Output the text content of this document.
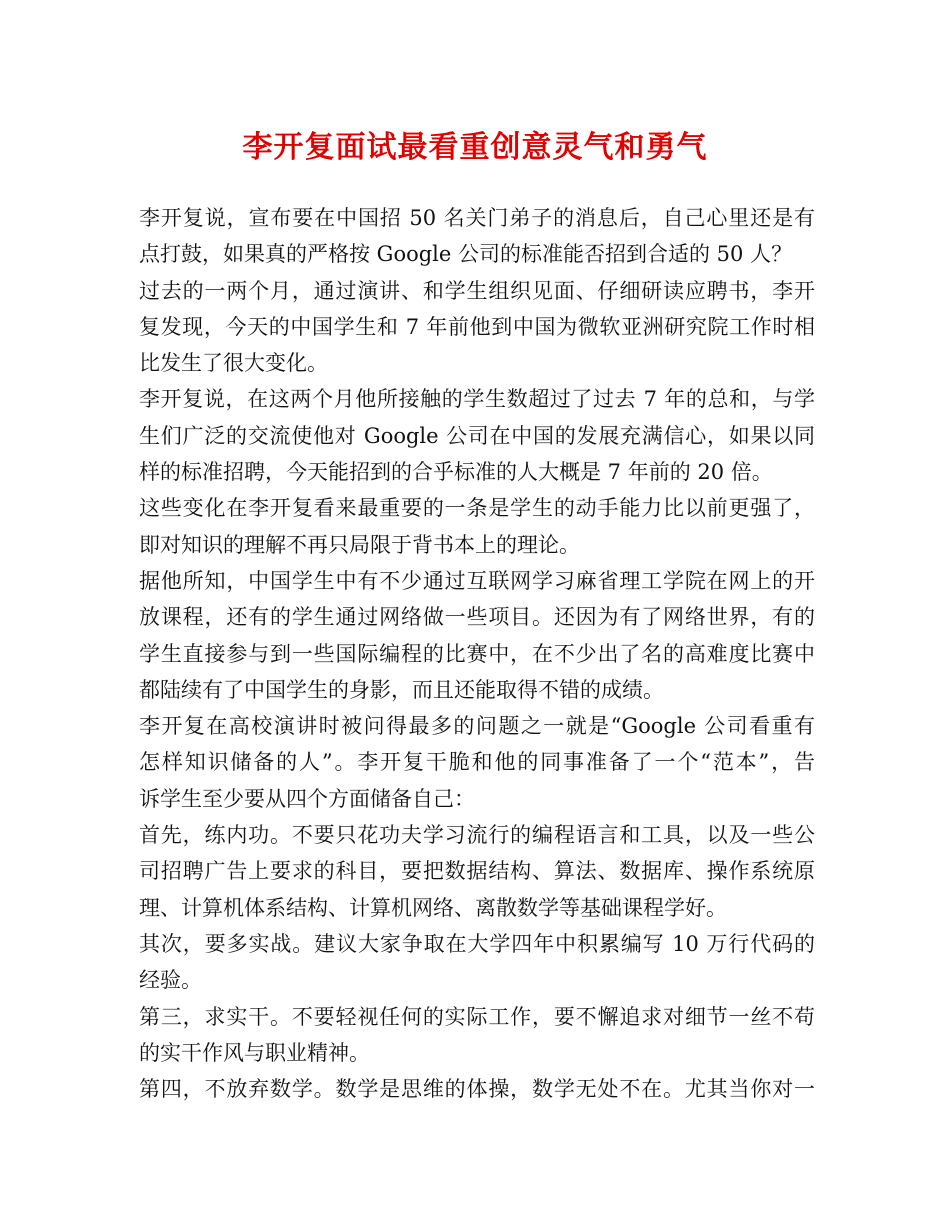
李开复面试最看重创意灵气和勇气
李开复说，宣布要在中国招 50 名关门弟子的消息后，自己心里还是有
点打鼓，如果真的严格按 Google 公司的标准能否招到合适的 50 人？
过去的一两个月，通过演讲、和学生组织见面、仔细研读应聘书，李开
复发现，今天的中国学生和 7 年前他到中国为微软亚洲研究院工作时相
比发生了很大变化。
李开复说，在这两个月他所接触的学生数超过了过去 7 年的总和，与学
生们广泛的交流使他对 Google 公司在中国的发展充满信心，如果以同
样的标准招聘，今天能招到的合乎标准的人大概是 7 年前的 20 倍。
这些变化在李开复看来最重要的一条是学生的动手能力比以前更强了，
即对知识的理解不再只局限于背书本上的理论。
据他所知，中国学生中有不少通过互联网学习麻省理工学院在网上的开
放课程，还有的学生通过网络做一些项目。还因为有了网络世界，有的
学生直接参与到一些国际编程的比赛中，在不少出了名的高难度比赛中
都陆续有了中国学生的身影，而且还能取得不错的成绩。
李开复在高校演讲时被问得最多的问题之一就是“Google 公司看重有
怎样知识储备的人”。李开复干脆和他的同事准备了一个“范本”，告
诉学生至少要从四个方面储备自己：
首先，练内功。不要只花功夫学习流行的编程语言和工具，以及一些公
司招聘广告上要求的科目，要把数据结构、算法、数据库、操作系统原
理、计算机体系结构、计算机网络、离散数学等基础课程学好。
其次，要多实战。建议大家争取在大学四年中积累编写 10 万行代码的
经验。
第三，求实干。不要轻视任何的实际工作，要不懈追求对细节一丝不苟
的实干作风与职业精神。
第四，不放弃数学。数学是思维的体操，数学无处不在。尤其当你对一
